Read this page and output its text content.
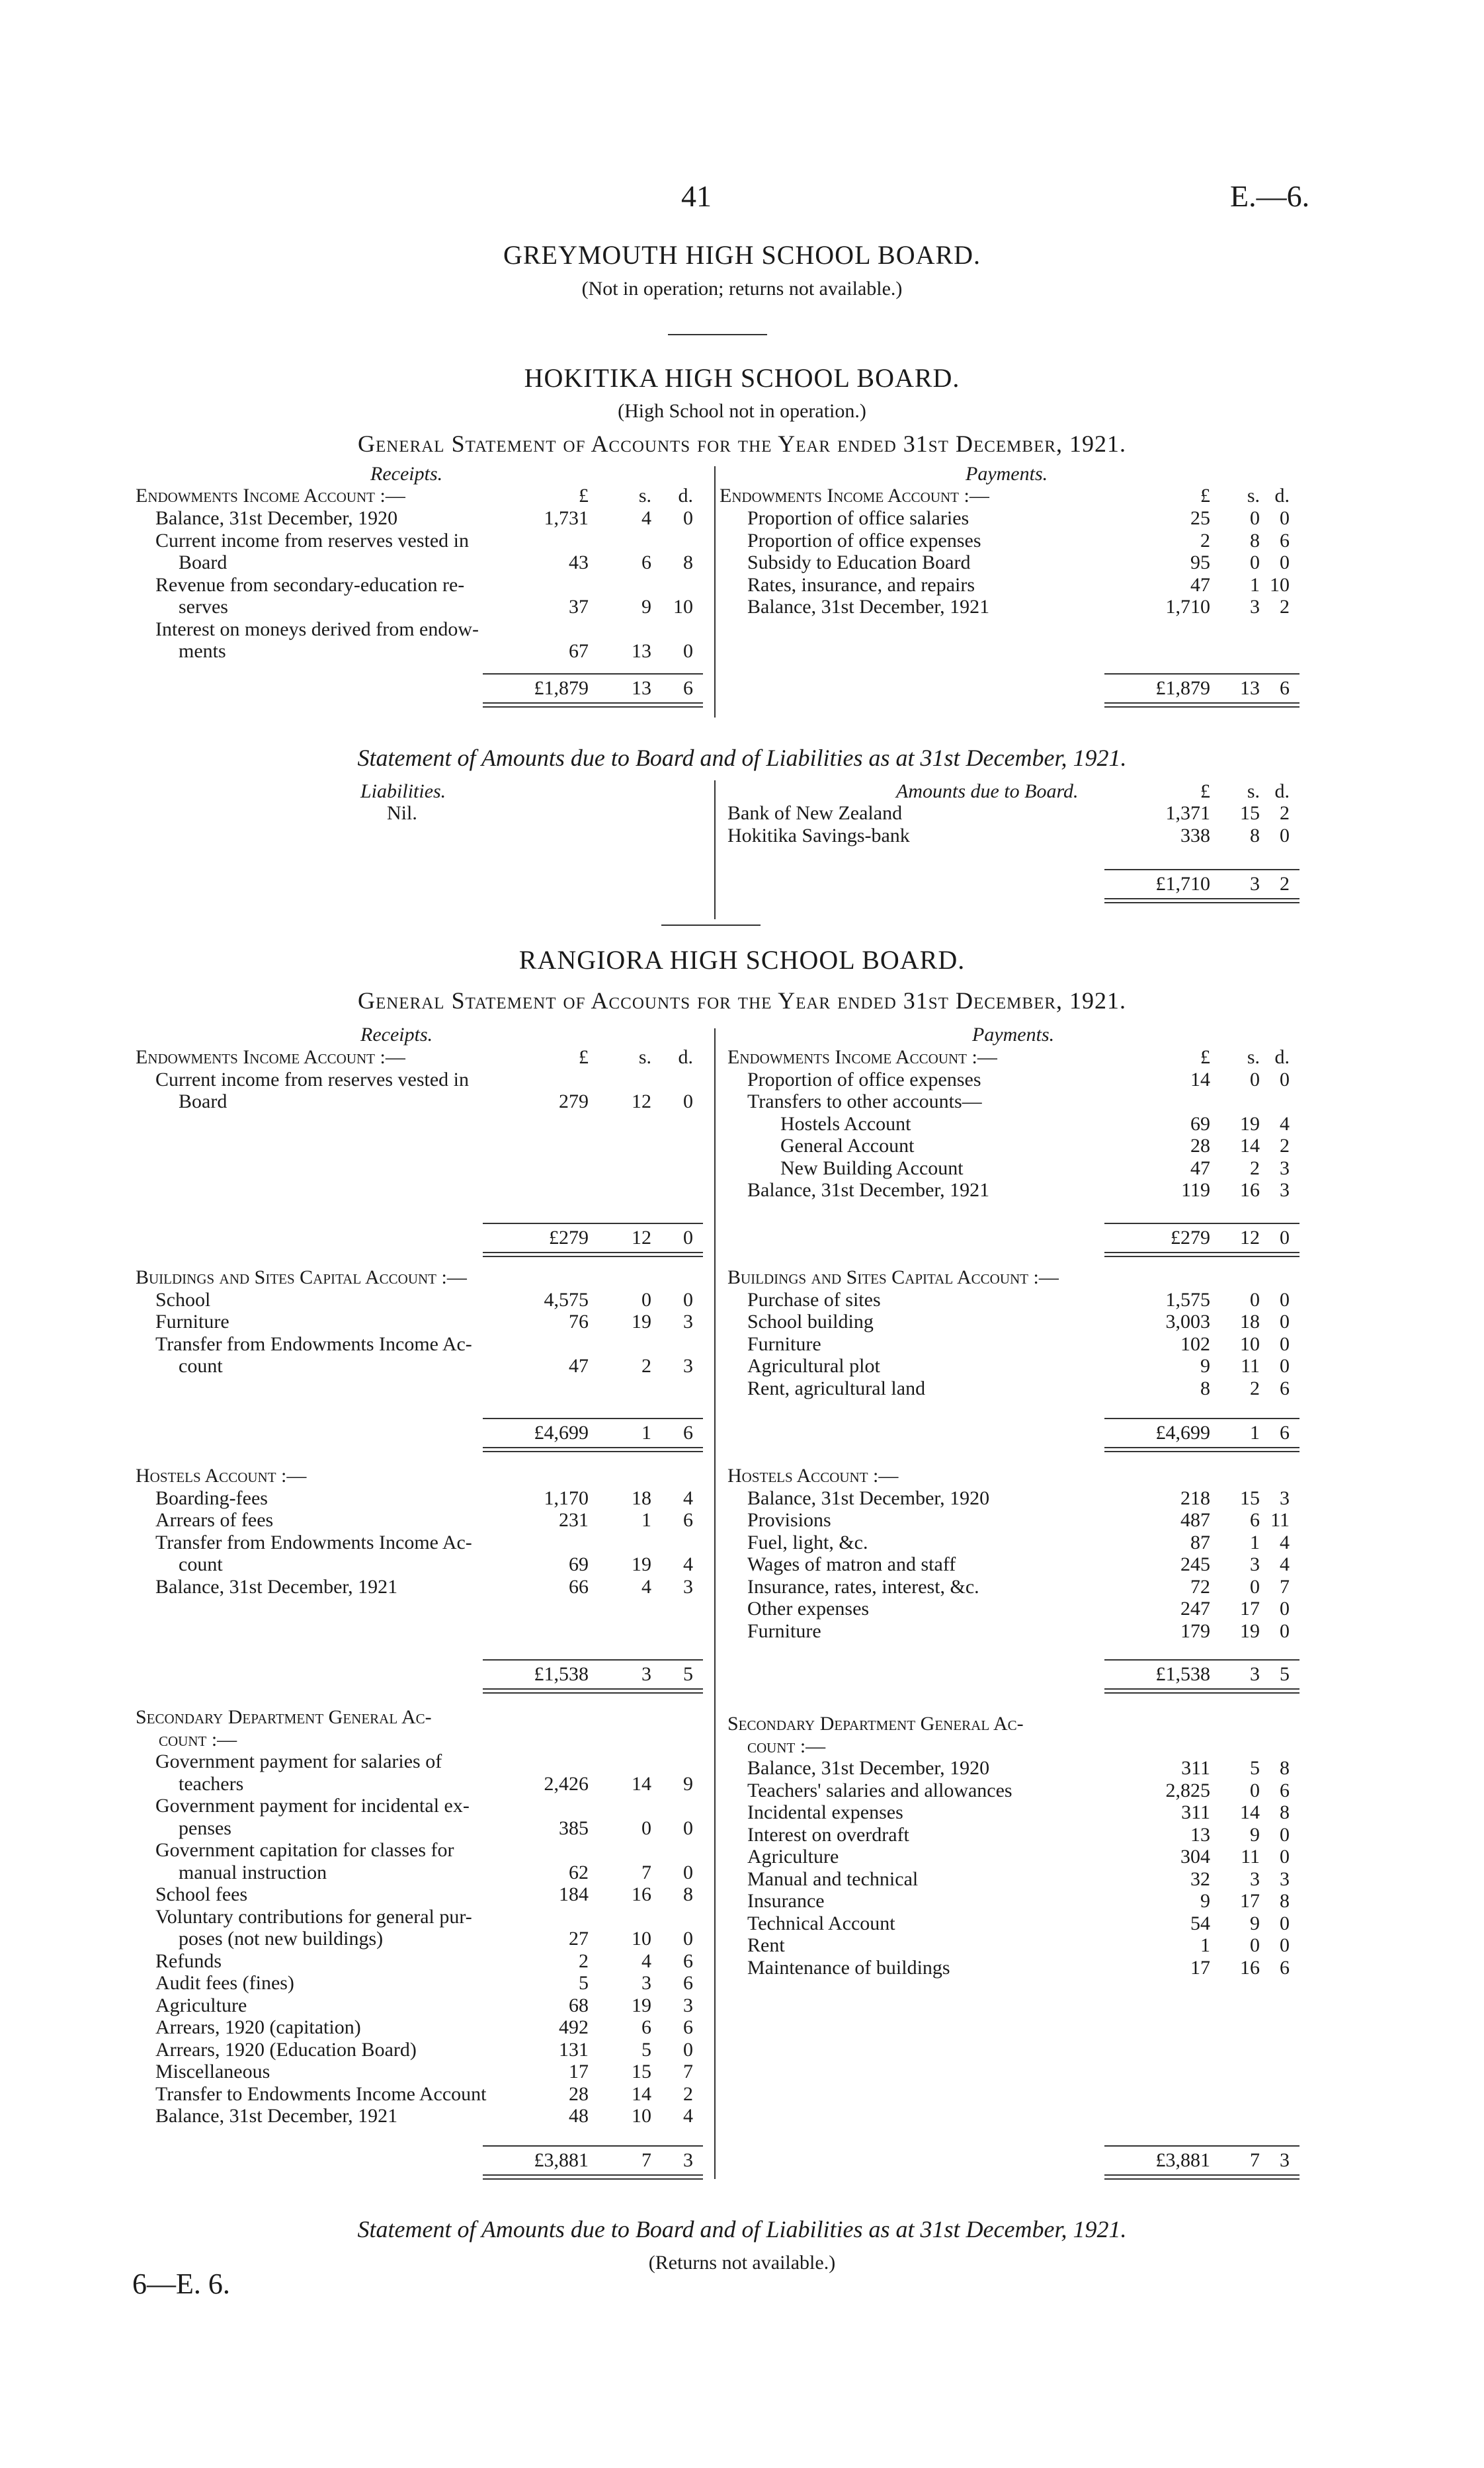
41	E.—6.
GREYMOUTH HIGH SCHOOL BOARD.
(Not in operation; returns not available.)
HOKITIKA HIGH SCHOOL BOARD.
(High School not in operation.)
General Statement of Accounts for the Year ended 31st December, 1921.
Receipts.	Payments.
Endowments Income Account :—	Endowments Income Account :—
£	s.	d.	£	s. d.
Balance, 31st December, 1920	1,731	4	0
Current income from reserves vested in
Board	43	6	8
Revenue from secondary-education re-
serves	37	9	10
Interest on moneys derived from endow-
ments	67	13	0
Proportion of office salaries	25	0	0
Proportion of office expenses	2	8	6
Subsidy to Education Board	95	0	0
Rates, insurance, and repairs	47	1 10
Balance, 31st December, 1921	1,710	3	2
£1,879	13	6	£1,879	13	6
Statement of Amounts due to Board and of Liabilities as at 31st December, 1921.
Liabilities.
Nil.
Amounts due to Board.	£	s. d.
Bank of New Zealand	1,371	15	2
Hokitika Savings-bank	338	8	0
£1,710	3	2
RANGIORA HIGH SCHOOL BOARD.
General Statement of Accounts for the Year ended 31st December, 1921.
Receipts.	Payments.
Endowments Income Account :—	Endowments Income Account :—
£	s.	d.	£	s. d.
Current income from reserves vested in
Board	279	12	0
Proportion of office expenses	14	0	0
Transfers to other accounts—
Hostels Account	69	19	4
General Account	28	14	2
New Building Account	47	2	3
Balance, 31st December, 1921	119	16	3
£279	12	0	£279	12	0
Buildings and Sites Capital Account :—	Buildings and Sites Capital Account :—
School	4,575	0	0
Furniture	76	19	3
Transfer from Endowments Income Ac-
count	47	2	3
Purchase of sites	1,575	0	0
School building	3,003	18	0
Furniture	102	10	0
Agricultural plot	9	11	0
Rent, agricultural land	8	2	6
£4,699	1	6	£4,699	1	6
Hostels Account :—	Hostels Account :—
Boarding-fees	1,170	18	4
Arrears of fees	231	1	6
Transfer from Endowments Income Ac-
count	69	19	4
Balance, 31st December, 1921	66	4	3
Balance, 31st December, 1920	218	15	3
Provisions	487	6 11
Fuel, light, &c.	87	1	4
Wages of matron and staff	245	3	4
Insurance, rates, interest, &c.	72	0	7
Other expenses	247	17	0
Furniture	179	19	0
£1,538	3	5	£1,538	3	5
Secondary Department General Ac-
count :—
Secondary Department General Ac-
count :—
Government payment for salaries of
teachers	2,426	14	9
Government payment for incidental ex-
penses	385	0	0
Government capitation for classes for
manual instruction	62	7	0
School fees	184	16	8
Voluntary contributions for general pur-
poses (not new buildings)	27	10	0
Refunds	2	4	6
Audit fees (fines)	5	3	6
Agriculture	68	19	3
Arrears, 1920 (capitation)	492	6	6
Arrears, 1920 (Education Board)	131	5	0
Miscellaneous	17	15	7
Transfer to Endowments Income Account	28	14	2
Balance, 31st December, 1921	48	10	4
Balance, 31st December, 1920	311	5	8
Teachers' salaries and allowances	2,825	0	6
Incidental expenses	311	14	8
Interest on overdraft	13	9	0
Agriculture	304	11	0
Manual and technical	32	3	3
Insurance	9	17	8
Technical Account	54	9	0
Rent	1	0	0
Maintenance of buildings	17	16	6
£3,881	7	3	£3,881	7	3
Statement of Amounts due to Board and of Liabilities as at 31st December, 1921.
(Returns not available.)
6—E. 6.
